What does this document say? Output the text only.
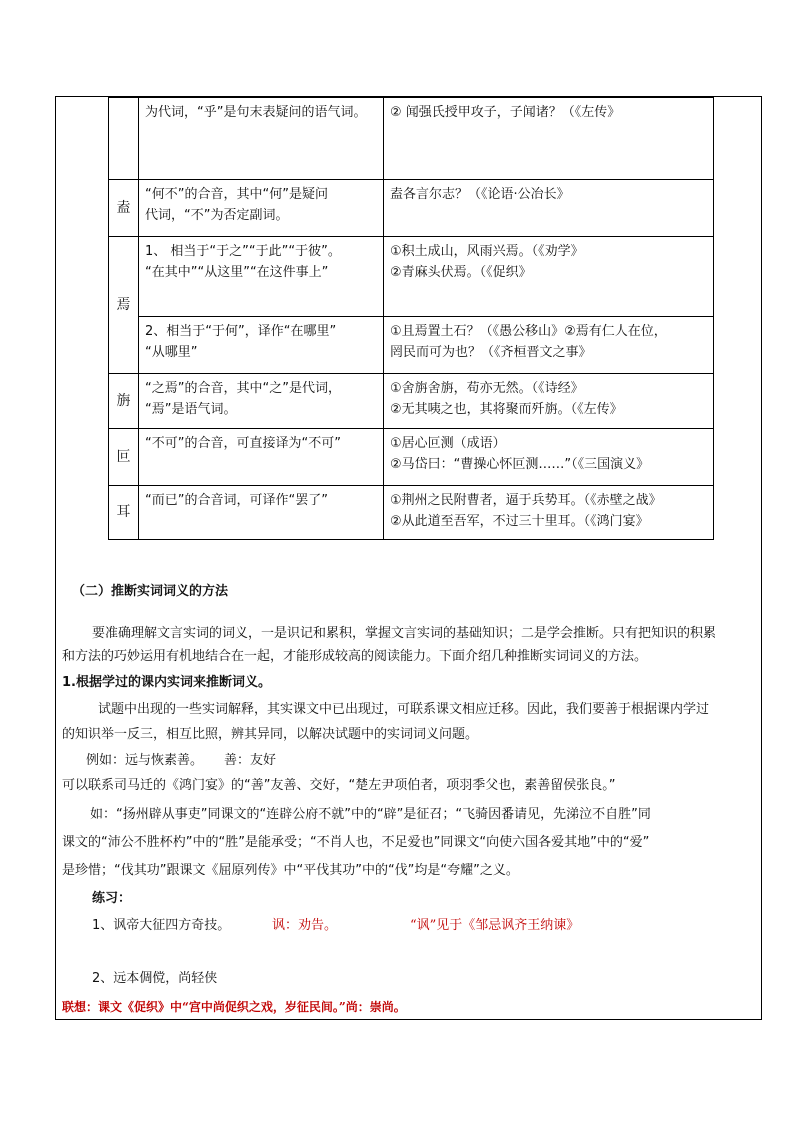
	为代词，“乎”是句末表疑问的语气词。	② 闻强氏授甲攻子，子闻诸？（《左传》

盍	“何不”的合音，其中“何”是疑问
代词，“不”为否定副词。	盍各言尔志？（《论语·公冶长》

焉	1、 相当于“于之”“于此”“于彼”。
“在其中”“从这里”“在这件事上”	①积土成山，风雨兴焉。（《劝学》
②青麻头伏焉。（《促织》

	2、相当于“于何”，译作“在哪里”
“从哪里”	①且焉置土石？（《愚公移山》②焉有仁人在位，
罔民而可为也？（《齐桓晋文之事》

旃	“之焉”的合音，其中“之”是代词，
“焉”是语气词。	①舍旃舍旃，苟亦无然。（《诗经》
②无其咦之也，其将聚而歼旃。（《左传》

叵	“不可”的合音，可直接译为“不可”	①居心叵测（成语）
②马岱曰：“曹操心怀叵测……”（《三国演义》

耳	“而已”的合音词，可译作“罢了”	①荆州之民附曹者，逼于兵势耳。（《赤壁之战》
②从此道至吾军，不过三十里耳。（《鸿门宴》
（二）推断实词词义的方法
要准确理解文言实词的词义，一是识记和累积，掌握文言实词的基础知识；二是学会推断。只有把知识的积累
和方法的巧妙运用有机地结合在一起，才能形成较高的阅读能力。下面介绍几种推断实词词义的方法。
1.根据学过的课内实词来推断词义。
试题中出现的一些实词解释，其实课文中已出现过，可联系课文相应迁移。因此，我们要善于根据课内学过
的知识举一反三，相互比照，辨其异同，以解决试题中的实词词义问题。
例如：远与恢素善。 善：友好
可以联系司马迁的《鸿门宴》的“善”友善、交好，“楚左尹项伯者，项羽季父也，素善留侯张良。”
如：“扬州辟从事吏”同课文的“连辟公府不就”中的“辟”是征召；“飞骑因番请见，先涕泣不自胜”同
课文的“沛公不胜杯杓”中的“胜”是能承受；“不肖人也，不足爱也”同课文“向使六国各爱其地”中的“爱”
是珍惜；“伐其功”跟课文《屈原列传》中“平伐其功”中的“伐”均是“夸耀”之义。
练习：
1、讽帝大征四方奇技。	讽：劝告。	“讽”见于《邹忌讽齐王纳谏》
2、远本倜傥，尚轻侠
联想：课文《促织》中“宫中尚促织之戏，岁征民间。”尚：崇尚。
